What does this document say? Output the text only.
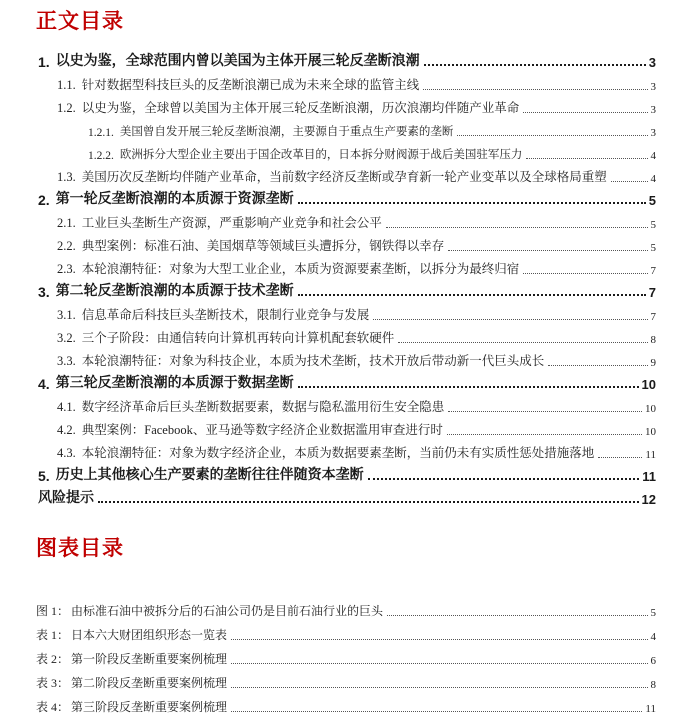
正文目录
1. 以史为鉴，全球范围内曾以美国为主体开展三轮反垄断浪潮	3
1.1. 针对数据型科技巨头的反垄断浪潮已成为未来全球的监管主线	3
1.2. 以史为鉴，全球曾以美国为主体开展三轮反垄断浪潮，历次浪潮均伴随产业革命	3
1.2.1. 美国曾自发开展三轮反垄断浪潮，主要源自于重点生产要素的垄断	3
1.2.2. 欧洲拆分大型企业主要出于国企改革目的，日本拆分财阀源于战后美国驻军压力	4
1.3. 美国历次反垄断均伴随产业革命，当前数字经济反垄断或孕育新一轮产业变革以及全球格局重塑	4
2. 第一轮反垄断浪潮的本质源于资源垄断	5
2.1. 工业巨头垄断生产资源，严重影响产业竞争和社会公平	5
2.2. 典型案例：标准石油、美国烟草等领域巨头遭拆分，钢铁得以幸存	5
2.3. 本轮浪潮特征：对象为大型工业企业，本质为资源要素垄断，以拆分为最终归宿	7
3. 第二轮反垄断浪潮的本质源于技术垄断	7
3.1. 信息革命后科技巨头垄断技术，限制行业竞争与发展	7
3.2. 三个子阶段：由通信转向计算机再转向计算机配套软硬件	8
3.3. 本轮浪潮特征：对象为科技企业，本质为技术垄断，技术开放后带动新一代巨头成长	9
4. 第三轮反垄断浪潮的本质源于数据垄断	10
4.1. 数字经济革命后巨头垄断数据要素，数据与隐私滥用衍生安全隐患	10
4.2. 典型案例：Facebook、亚马逊等数字经济企业数据滥用审查进行时	10
4.3. 本轮浪潮特征：对象为数字经济企业，本质为数据要素垄断，当前仍未有实质性惩处措施落地	11
5. 历史上其他核心生产要素的垄断往往伴随资本垄断	11
风险提示	12
图表目录
图 1： 由标准石油中被拆分后的石油公司仍是目前石油行业的巨头	5
表 1： 日本六大财团组织形态一览表	4
表 2： 第一阶段反垄断重要案例梳理	6
表 3： 第二阶段反垄断重要案例梳理	8
表 4： 第三阶段反垄断重要案例梳理	11
